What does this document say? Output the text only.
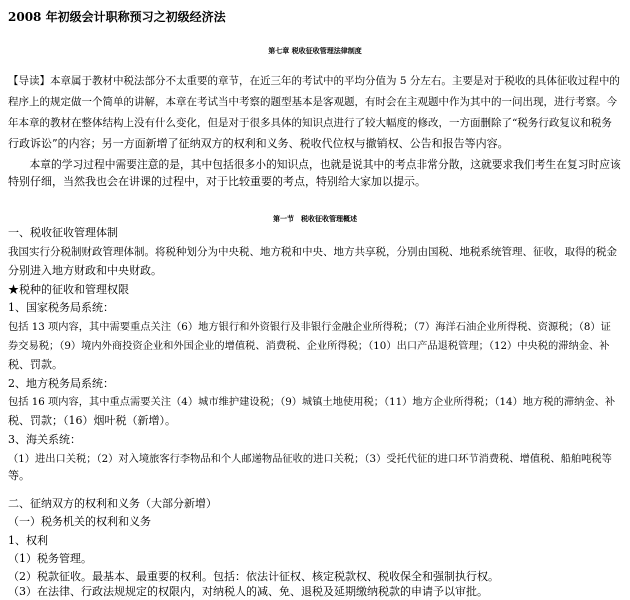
2008 年初级会计职称预习之初级经济法
第七章 税收征收管理法律制度
【导读】本章属于教材中税法部分不太重要的章节，在近三年的考试中的平均分值为 5 分左右。主要是对于税收的具体征收过程中的
程序上的规定做一个简单的讲解，本章在考试当中考察的题型基本是客观题，有时会在主观题中作为其中的一问出现，进行考察。今
年本章的教材在整体结构上没有什么变化，但是对于很多具体的知识点进行了较大幅度的修改，一方面删除了“税务行政复议和税务
行政诉讼”的内容；另一方面新增了征纳双方的权利和义务、税收代位权与撤销权、公告和报告等内容。
　　本章的学习过程中需要注意的是，其中包括很多小的知识点，也就是说其中的考点非常分散，这就要求我们考生在复习时应该
特别仔细，当然我也会在讲课的过程中，对于比较重要的考点，特别给大家加以提示。
第一节　税收征收管理概述
一、税收征收管理体制
我国实行分税制财政管理体制。将税种划分为中央税、地方税和中央、地方共享税，分别由国税、地税系统管理、征收，取得的税金
分别进入地方财政和中央财政。
★税种的征收和管理权限
1、国家税务局系统：
包括 13 项内容，其中需要重点关注（6）地方银行和外资银行及非银行金融企业所得税；（7）海洋石油企业所得税、资源税；（8）证
券交易税；（9）境内外商投资企业和外国企业的增值税、消费税、企业所得税；（10）出口产品退税管理；（12）中央税的滞纳金、补
税、罚款。
2、地方税务局系统：
包括 16 项内容，其中重点需要关注（4）城市维护建设税；（9）城镇土地使用税；（11）地方企业所得税；（14）地方税的滞纳金、补
税、罚款；（16）烟叶税（新增）。
3、海关系统：
（1）进出口关税；（2）对入境旅客行李物品和个人邮递物品征收的进口关税；（3）受托代征的进口环节消费税、增值税、船舶吨税等
等。
二、征纳双方的权利和义务（大部分新增）
（一）税务机关的权利和义务
1、权利
（1）税务管理。
（2）税款征收。最基本、最重要的权利。包括：依法计征权、核定税款权、税收保全和强制执行权。
（3）在法律、行政法规规定的权限内，对纳税人的减、免、退税及延期缴纳税款的申请予以审批。
